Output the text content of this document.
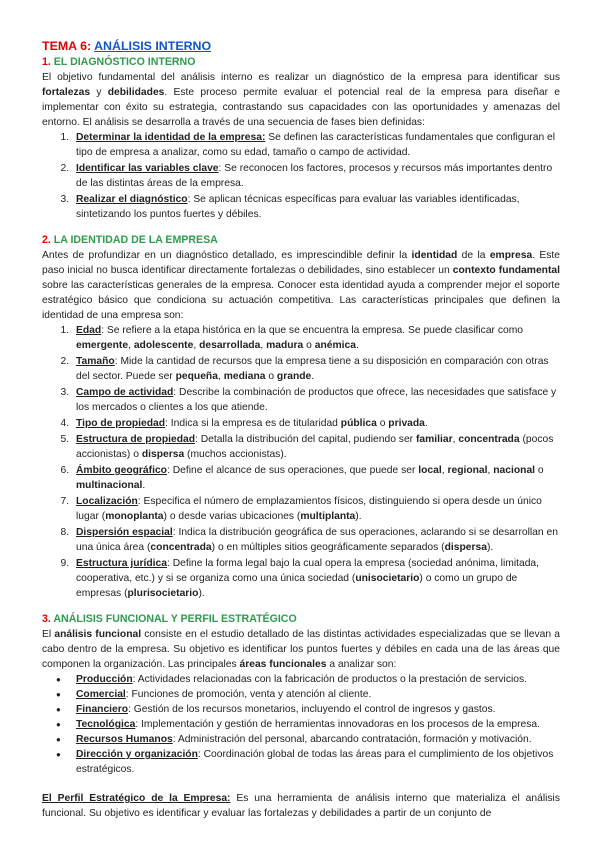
TEMA 6: ANÁLISIS INTERNO
1. EL DIAGNÓSTICO INTERNO

El objetivo fundamental del análisis interno es realizar un diagnóstico de la empresa para identificar sus fortalezas y debilidades. Este proceso permite evaluar el potencial real de la empresa para diseñar e implementar con éxito su estrategia, contrastando sus capacidades con las oportunidades y amenazas del entorno. El análisis se desarrolla a través de una secuencia de fases bien definidas:

1. Determinar la identidad de la empresa: Se definen las características fundamentales que configuran el tipo de empresa a analizar, como su edad, tamaño o campo de actividad.
2. Identificar las variables clave: Se reconocen los factores, procesos y recursos más importantes dentro de las distintas áreas de la empresa.
3. Realizar el diagnóstico: Se aplican técnicas específicas para evaluar las variables identificadas, sintetizando los puntos fuertes y débiles.
2. LA IDENTIDAD DE LA EMPRESA

Antes de profundizar en un diagnóstico detallado, es imprescindible definir la identidad de la empresa. Este paso inicial no busca identificar directamente fortalezas o debilidades, sino establecer un contexto fundamental sobre las características generales de la empresa. Conocer esta identidad ayuda a comprender mejor el soporte estratégico básico que condiciona su actuación competitiva. Las características principales que definen la identidad de una empresa son:

1. Edad: Se refiere a la etapa histórica en la que se encuentra la empresa. Se puede clasificar como emergente, adolescente, desarrollada, madura o anémica.
2. Tamaño: Mide la cantidad de recursos que la empresa tiene a su disposición en comparación con otras del sector. Puede ser pequeña, mediana o grande.
3. Campo de actividad: Describe la combinación de productos que ofrece, las necesidades que satisface y los mercados o clientes a los que atiende.
4. Tipo de propiedad: Indica si la empresa es de titularidad pública o privada.
5. Estructura de propiedad: Detalla la distribución del capital, pudiendo ser familiar, concentrada (pocos accionistas) o dispersa (muchos accionistas).
6. Ámbito geográfico: Define el alcance de sus operaciones, que puede ser local, regional, nacional o multinacional.
7. Localización: Especifica el número de emplazamientos físicos, distinguiendo si opera desde un único lugar (monoplanta) o desde varias ubicaciones (multiplanta).
8. Dispersión espacial: Indica la distribución geográfica de sus operaciones, aclarando si se desarrollan en una única área (concentrada) o en múltiples sitios geográficamente separados (dispersa).
9. Estructura jurídica: Define la forma legal bajo la cual opera la empresa (sociedad anónima, limitada, cooperativa, etc.) y si se organiza como una única sociedad (unisocietario) o como un grupo de empresas (plurisocietario).
3. ANÁLISIS FUNCIONAL Y PERFIL ESTRATÉGICO

El análisis funcional consiste en el estudio detallado de las distintas actividades especializadas que se llevan a cabo dentro de la empresa. Su objetivo es identificar los puntos fuertes y débiles en cada una de las áreas que componen la organización. Las principales áreas funcionales a analizar son:

● Producción: Actividades relacionadas con la fabricación de productos o la prestación de servicios.
● Comercial: Funciones de promoción, venta y atención al cliente.
● Financiero: Gestión de los recursos monetarios, incluyendo el control de ingresos y gastos.
● Tecnológica: Implementación y gestión de herramientas innovadoras en los procesos de la empresa.
● Recursos Humanos: Administración del personal, abarcando contratación, formación y motivación.
● Dirección y organización: Coordinación global de todas las áreas para el cumplimiento de los objetivos estratégicos.

El Perfil Estratégico de la Empresa: Es una herramienta de análisis interno que materializa el análisis funcional. Su objetivo es identificar y evaluar las fortalezas y debilidades a partir de un conjunto de
